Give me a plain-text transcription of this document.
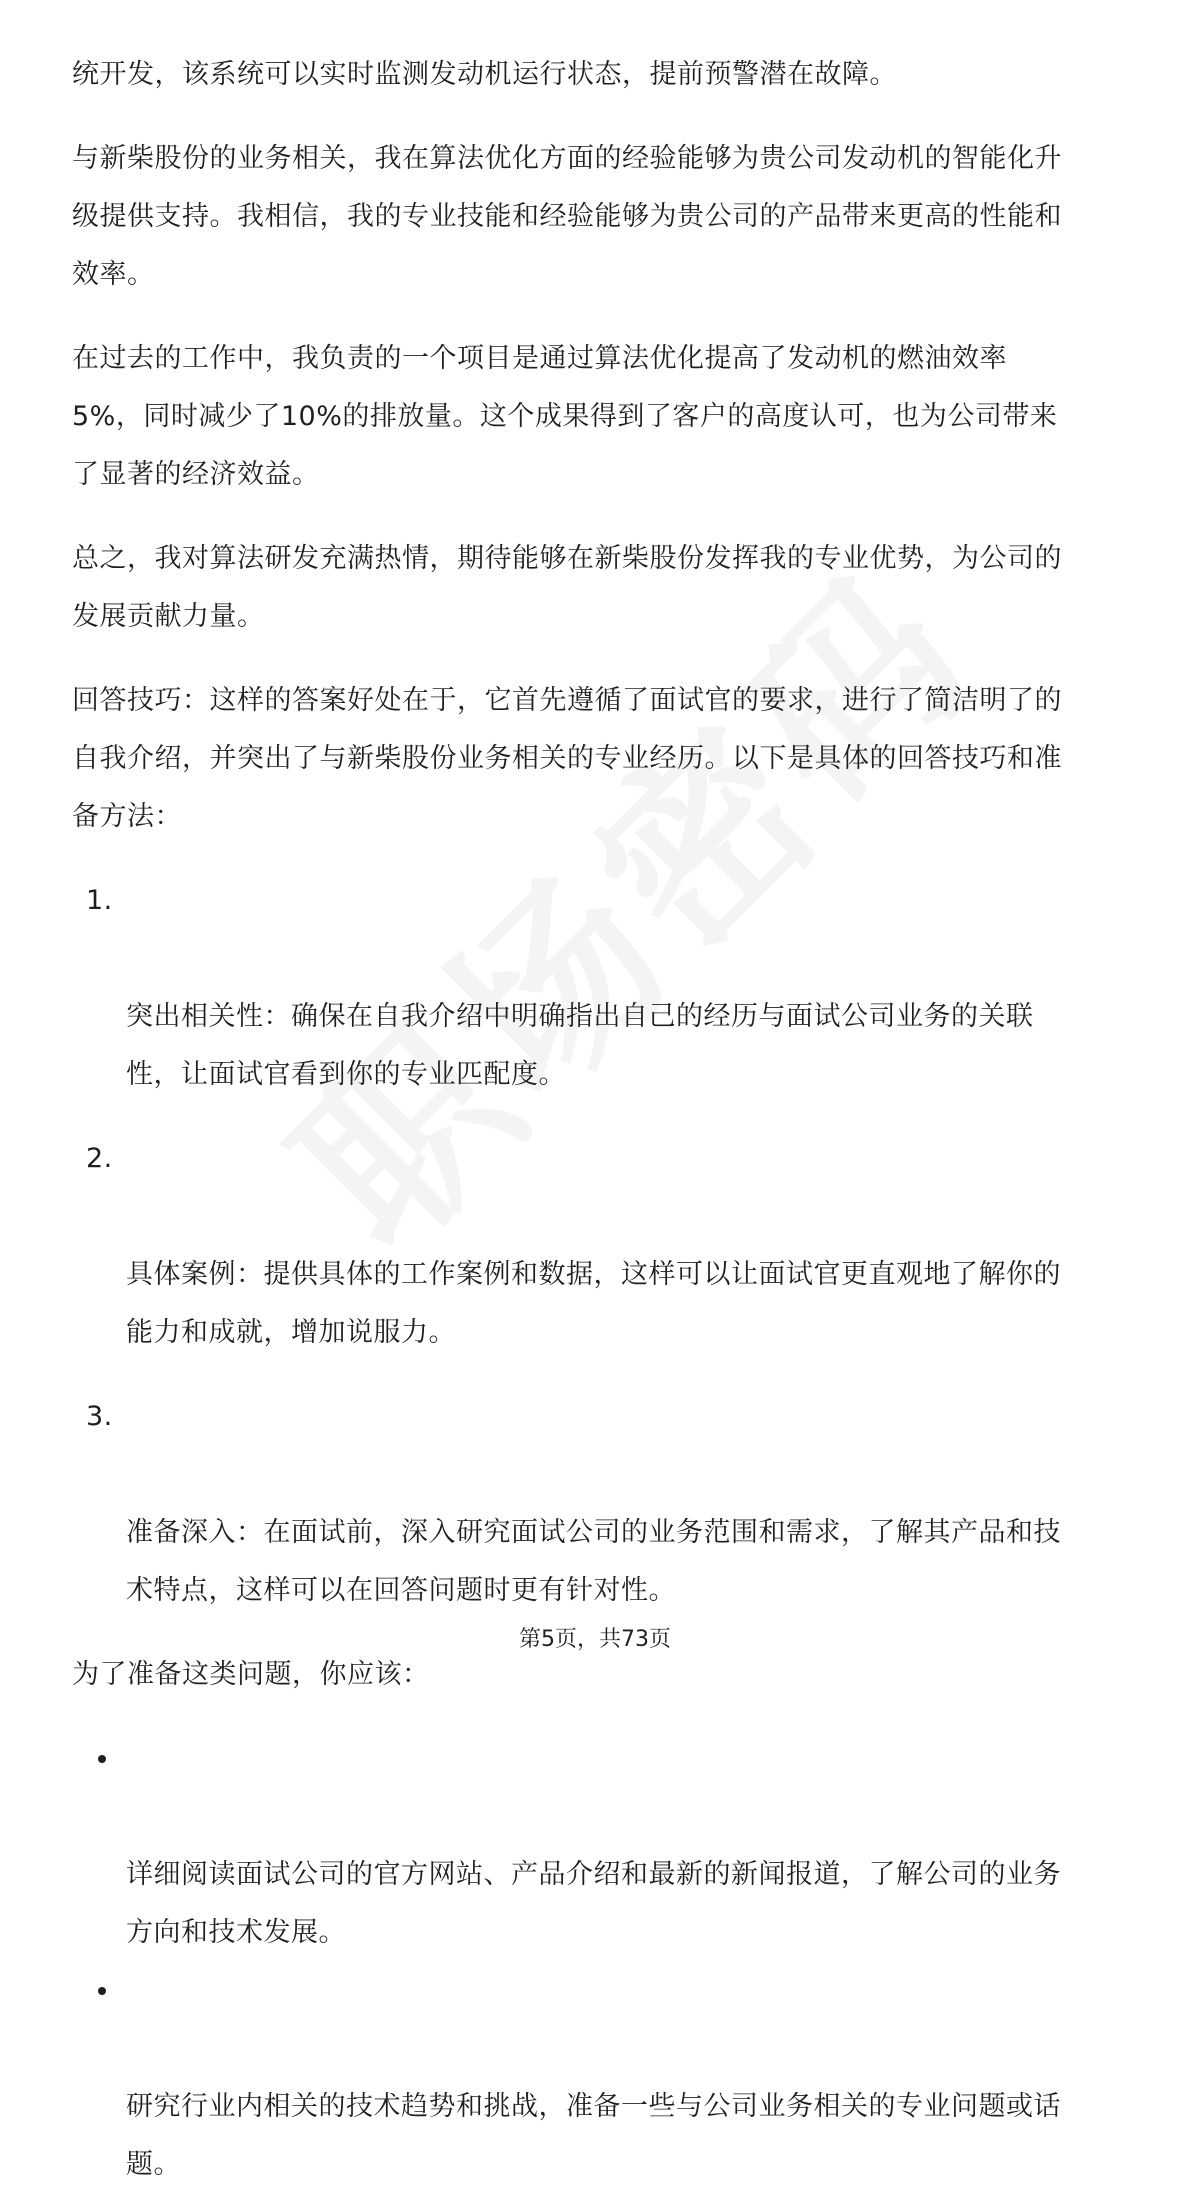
统开发，该系统可以实时监测发动机运行状态，提前预警潜在故障。

与新柴股份的业务相关，我在算法优化方面的经验能够为贵公司发动机的智能化升
级提供支持。我相信，我的专业技能和经验能够为贵公司的产品带来更高的性能和
效率。

在过去的工作中，我负责的一个项目是通过算法优化提高了发动机的燃油效率
5%，同时减少了10%的排放量。这个成果得到了客户的高度认可，也为公司带来
了显著的经济效益。

总之，我对算法研发充满热情，期待能够在新柴股份发挥我的专业优势，为公司的
发展贡献力量。

回答技巧：这样的答案好处在于，它首先遵循了面试官的要求，进行了简洁明了的
自我介绍，并突出了与新柴股份业务相关的专业经历。以下是具体的回答技巧和准
备方法：

1.

突出相关性：确保在自我介绍中明确指出自己的经历与面试公司业务的关联
性，让面试官看到你的专业匹配度。

2.

具体案例：提供具体的工作案例和数据，这样可以让面试官更直观地了解你的
能力和成就，增加说服力。

3.

准备深入：在面试前，深入研究面试公司的业务范围和需求，了解其产品和技
术特点，这样可以在回答问题时更有针对性。

为了准备这类问题，你应该：

详细阅读面试公司的官方网站、产品介绍和最新的新闻报道，了解公司的业务
方向和技术发展。

研究行业内相关的技术趋势和挑战，准备一些与公司业务相关的专业问题或话
题。

第5页，共73页
